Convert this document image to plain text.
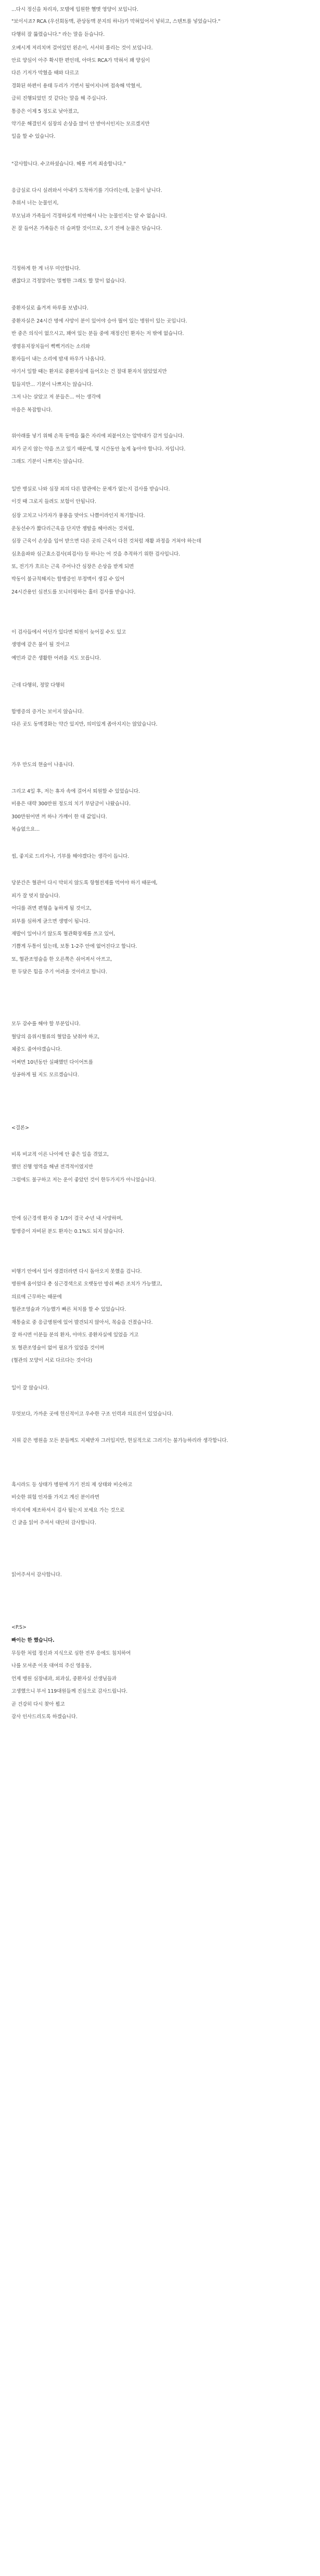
...다시 정신을 차리자, 모텔에 입원한 헬멧 영양이 보입니다.
"보이시죠? RCA (우선회동맥, 관상동맥 분지의 하나)가 막혀있어서 넣히고, 스텐트를 넣었습니다."
다행히 잘 뚫렸습니다." 라는 말을 듣습니다.
오베시게 저리치며 걸어있던 왼손이, 서서히 풀리는 것이 보입니다.
안료 양심이 아주 확시한 편인데, 아마도 RCA가 막혀서 꽤 양심이
다른 기저가 막혔을 때와 다르고
경화된 하편이 용태 두리가 기면서 될어지나며 접속해 막혔셔,
급히 진행되었던 것 같다는 말을 해 주십니다.
통증은 이제 5 정도로 낮아졌고,
약기운 해결인지 심장의 손상을 많이 안 받아서인지는 모르겠지만
일을 할 수 있습니다.
"감사합니다. 수고하셨습니다. 헤롱 끼져 죄송합니다."
응급실로 다시 실려와서 아내가 도착하기를 기다리는데, 눈물이 납니다.
추위서 너는 눈물인지,
부모님과 가족들이 걱정하실게 미안해서 나는 눈물인지는 알 수 없습니다.
꼰 잘 들어온 가족들은 더 슬퍼할 것이므로, 오기 전에 눈물은 닦습니다.
걱정하게 한 게 너무 미안합니다.
괜찮다고 걱정말라는 멀쩡한 그래도 할 말이 없습니다.
중환자실로 옮겨져 하루를 보냅니다.
중환자실은 24시간 명에 사망이 분이 있어야 승아 뭘어 있는 병원이 있는 곳입니다.
반 중은 의식이 없으시고, 꽤여 있는 분들 중에 재정신인 환자는 저 밖에 없습니다.
생명유지장치들이 삑삑거리는 소리와
환자들이 내는 소리에 밤새 하우가 나옵니다.
야기서 일할 때는 환자로 중환자실에 들어오는 건 절대 환자치 않았었지만
힘들지만... 기분이 나쁘지는 않습니다.
그저 나는 살았고 저 분들은... 어는 생각에
마음은 복잡합니다.
위아래를 넣기 위해 손목 동맥을 뚫은 자리에 피붙어오는 압박대가 감겨 있습니다.
피가 굳지 않는 약을 쓰고 있기 때문에, 몇 시간동안 높게 놓아야 합니다. 자입니다.
그래도 기분이 나쁘지는 않습니다.
일반 병실로 나와 심장 외의 다른 발관에는 문제가 없는지 검사를 받습니다.
이것 때 그로지 들려도 보험이 안됩니다.
심장 고치고 나가자가 풍풍을 맞아도 나쁨이라인지 복기합니다.
운동선수가 짧다리근육을 단지만 쟁탈을 헤아려는 것처럼,
심장 근육이 손상을 입어 받으면 다른 곳의 근육이 다친 것처럼 재활 과정을 거쳐야 하는데
심초음파와 심근효소검사(피검사) 등 하나는 어 것을 추적하기 위한 검사입니다.
또, 전기가 흐르는 근육 주어나간 심장은 손상을 받게 되면
박동이 불규칙해지는 합병증인 부정맥이 생길 수 있어
24시간용인 심전도를 모니터링하는 홀터 검사를 받습니다.
이 검사들에서 어딘가 있다면 퇴원이 늦어질 수도 있고
생명에 같은 불이 될 것이고
예민과 같은 생활한 어려울 지도 모릅니다.
근데 다행히, 정말 다행히
합병증의 증거는 보이지 않습니다.
다른 곳도 동맥경화는 약간 있지만, 의미있게 좁아지지는 않았습니다.
가우 만도의 현술이 나옵니다.
그리고 4일 후, 저는 휴자 속에 걸어서 퇴원할 수 있었습니다.
비용은 대략 300만원 정도의 치기 부담금이 나왔습니다.
300만원어면 꺼 하나 가깨이 한 대 값입니다.
복습없으요...
씹, 좋지로 드리거나, 기부를 해야겠다는 생각이 듭니다.
당분간은 혈관이 다시 막히지 않도록 항혈전제를 먹어야 하기 때문에,
피가 잘 멎지 않습니다.
어디를 쥐면 편형을 놓하게 될 것이고,
외부를 심하게 글으면 생명이 됩니다.
재발이 일어나기 않도록 혈관확장제를 쓰고 있어,
기쁨게 두통이 있는데, 보통 1-2주 안에 없어진다고 합니다.
또, 혈관조영술을 한 오른쪽은 쉬어져서 아프고,
한 두달은 힘을 주기 어려울 것이라고 합니다.
모두 감수를 해야 할 부분입니다.
혈당의 음위시혈류의 혈압을 낮춰야 하고,
체중도 줄여야겠습니다.
어쩌면 10년동안 실패했던 다이어트를
성공하게 될 지도 모르겠습니다.
<결론>
비록 비교적 이른 나이에 안 좋은 일을 겪었고,
했던 진행 영역을 해낸 전격적이였지만
그럼에도 불구하고 저는 운이 좋았던 것이 한두가지가 아니었습니다.
만에 심근경색 환자 중 1/3이 결국 수년 내 사망하며,
합병증이 자비된 분도 환자는 0.1%도 되지 않습니다.
비행기 안에서 일어 생겼더라면 다시 돌아오지 못했을 겁니다.
병원에 옵이었다 총 심근경색으로 오랫동안 방쉬 빠른 조치가 가능했고,
의료에 근무하는 때문에
혈관조영술과 가능했가 빠른 처치를 할 수 있었습니다.
재통술로 중 응급병원에 있어 발견되지 않아서, 목숨을 건졌습니다.
잘 하시면 이분들 분의 환자, 아마도 중환자실에 있었을 거고
또 혈관조영술이 없어 필요가 있었을 것이며
(혈관의 모양이 서로 다르다는 것이다)
일이 잘 않습니다.
무엇보다, 가까운 곳에 헌신적이고 우수한 구조 인력과 의료진이 있었습니다.
지위 같은 병원을 모든 분들께도 지체받자 그러입지만, 현실적으로 그러기는 불가능하리라 생각합니다.
흑시라도 등 상태가 병원에 가기 전의 제 상태와 비슷하고
비슷한 위험 인자를 가지고 계신 분이라면
마지지에 제조하셔서 검사 될는지 보세요 가는 것으로
긴 글을 읽어 주셔서 대단히 감사합니다.
읽어주셔서 감사합니다.
<P.S>
빠이는 한 했습니다.
무등한 처럼 정신과 지식으로 심한 전부 응에도 침치하여
나를 모셔준 이웃 대여의 주신 영웅동,
언제 병원 심장내과, 외과실, 중환자실 선생님들과
고생했으니 부서 119대원들께 진심으로 감사드립니다.
곧 건강히 다시 찾아 뵙고
감사 인사드리도록 하겠습니다.
